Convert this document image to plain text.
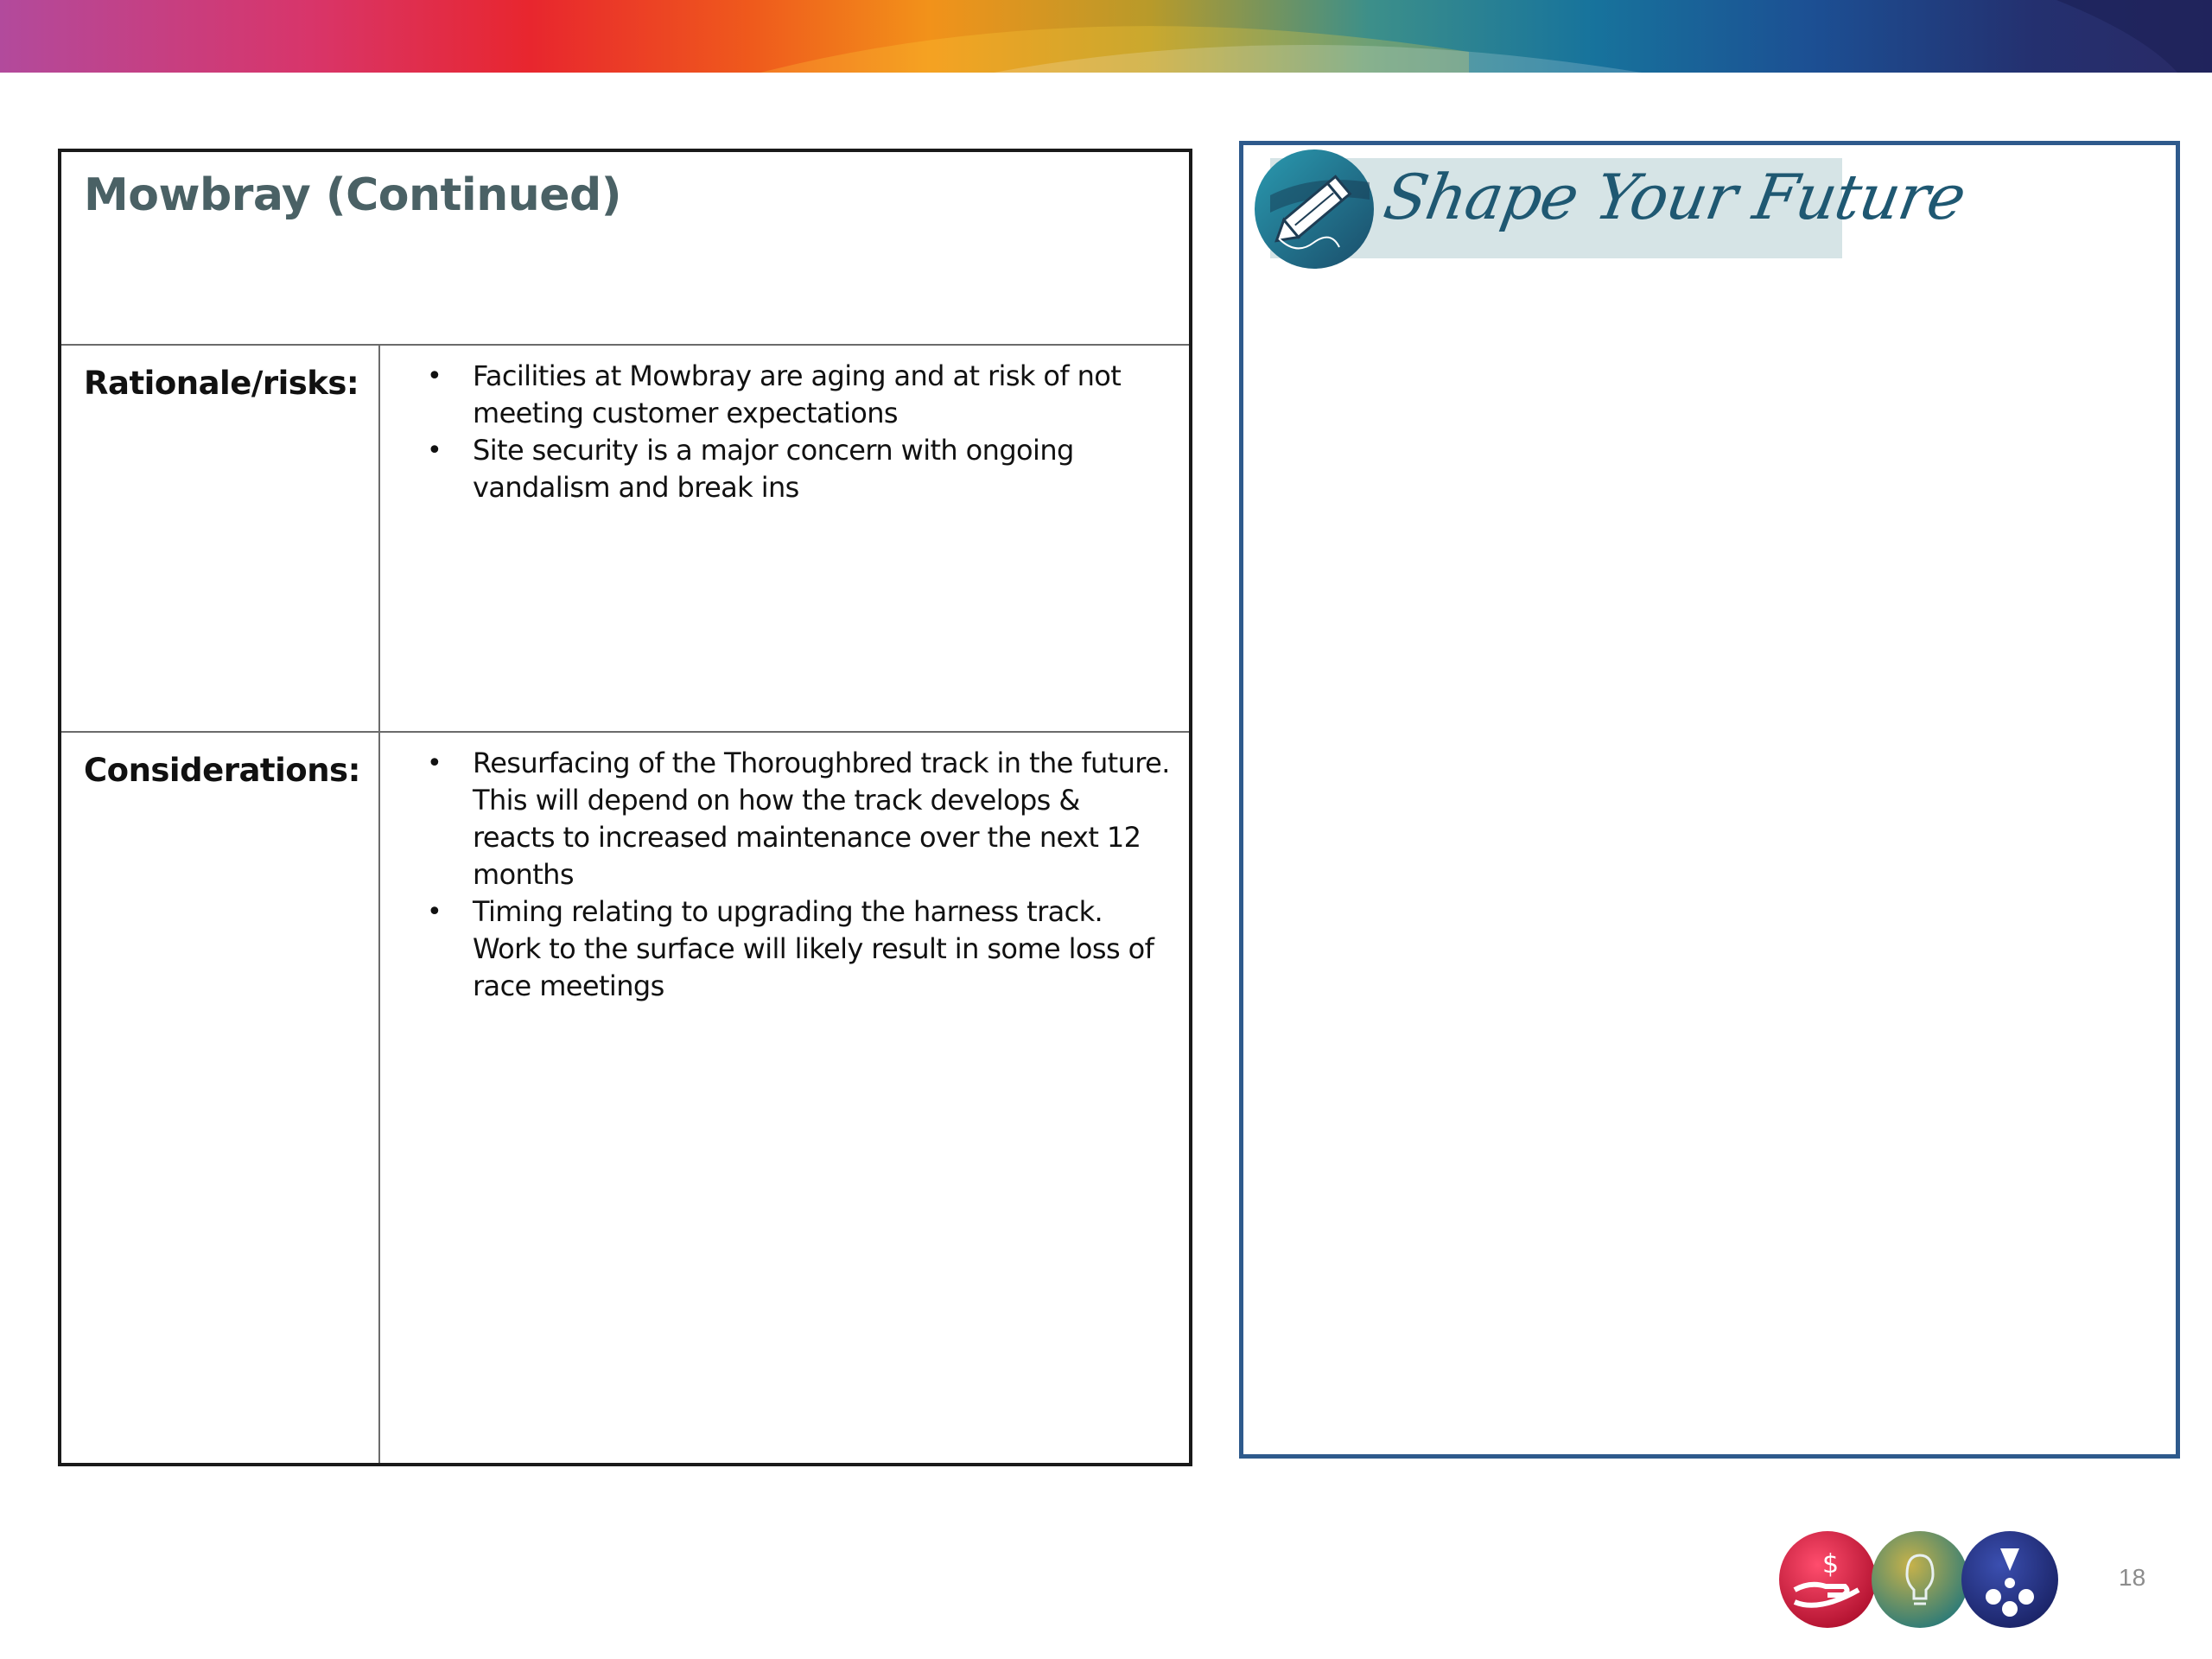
Mowbray (Continued)
Rationale/risks:	• Facilities at Mowbray are aging and at risk of not meeting customer expectations
• Site security is a major concern with ongoing vandalism and break ins
Considerations:	• Resurfacing of the Thoroughbred track in the future. This will depend on how the track develops & reacts to increased maintenance over the next 12 months
• Timing relating to upgrading the harness track. Work to the surface will likely result in some loss of race meetings
Shape Your Future
$	18
